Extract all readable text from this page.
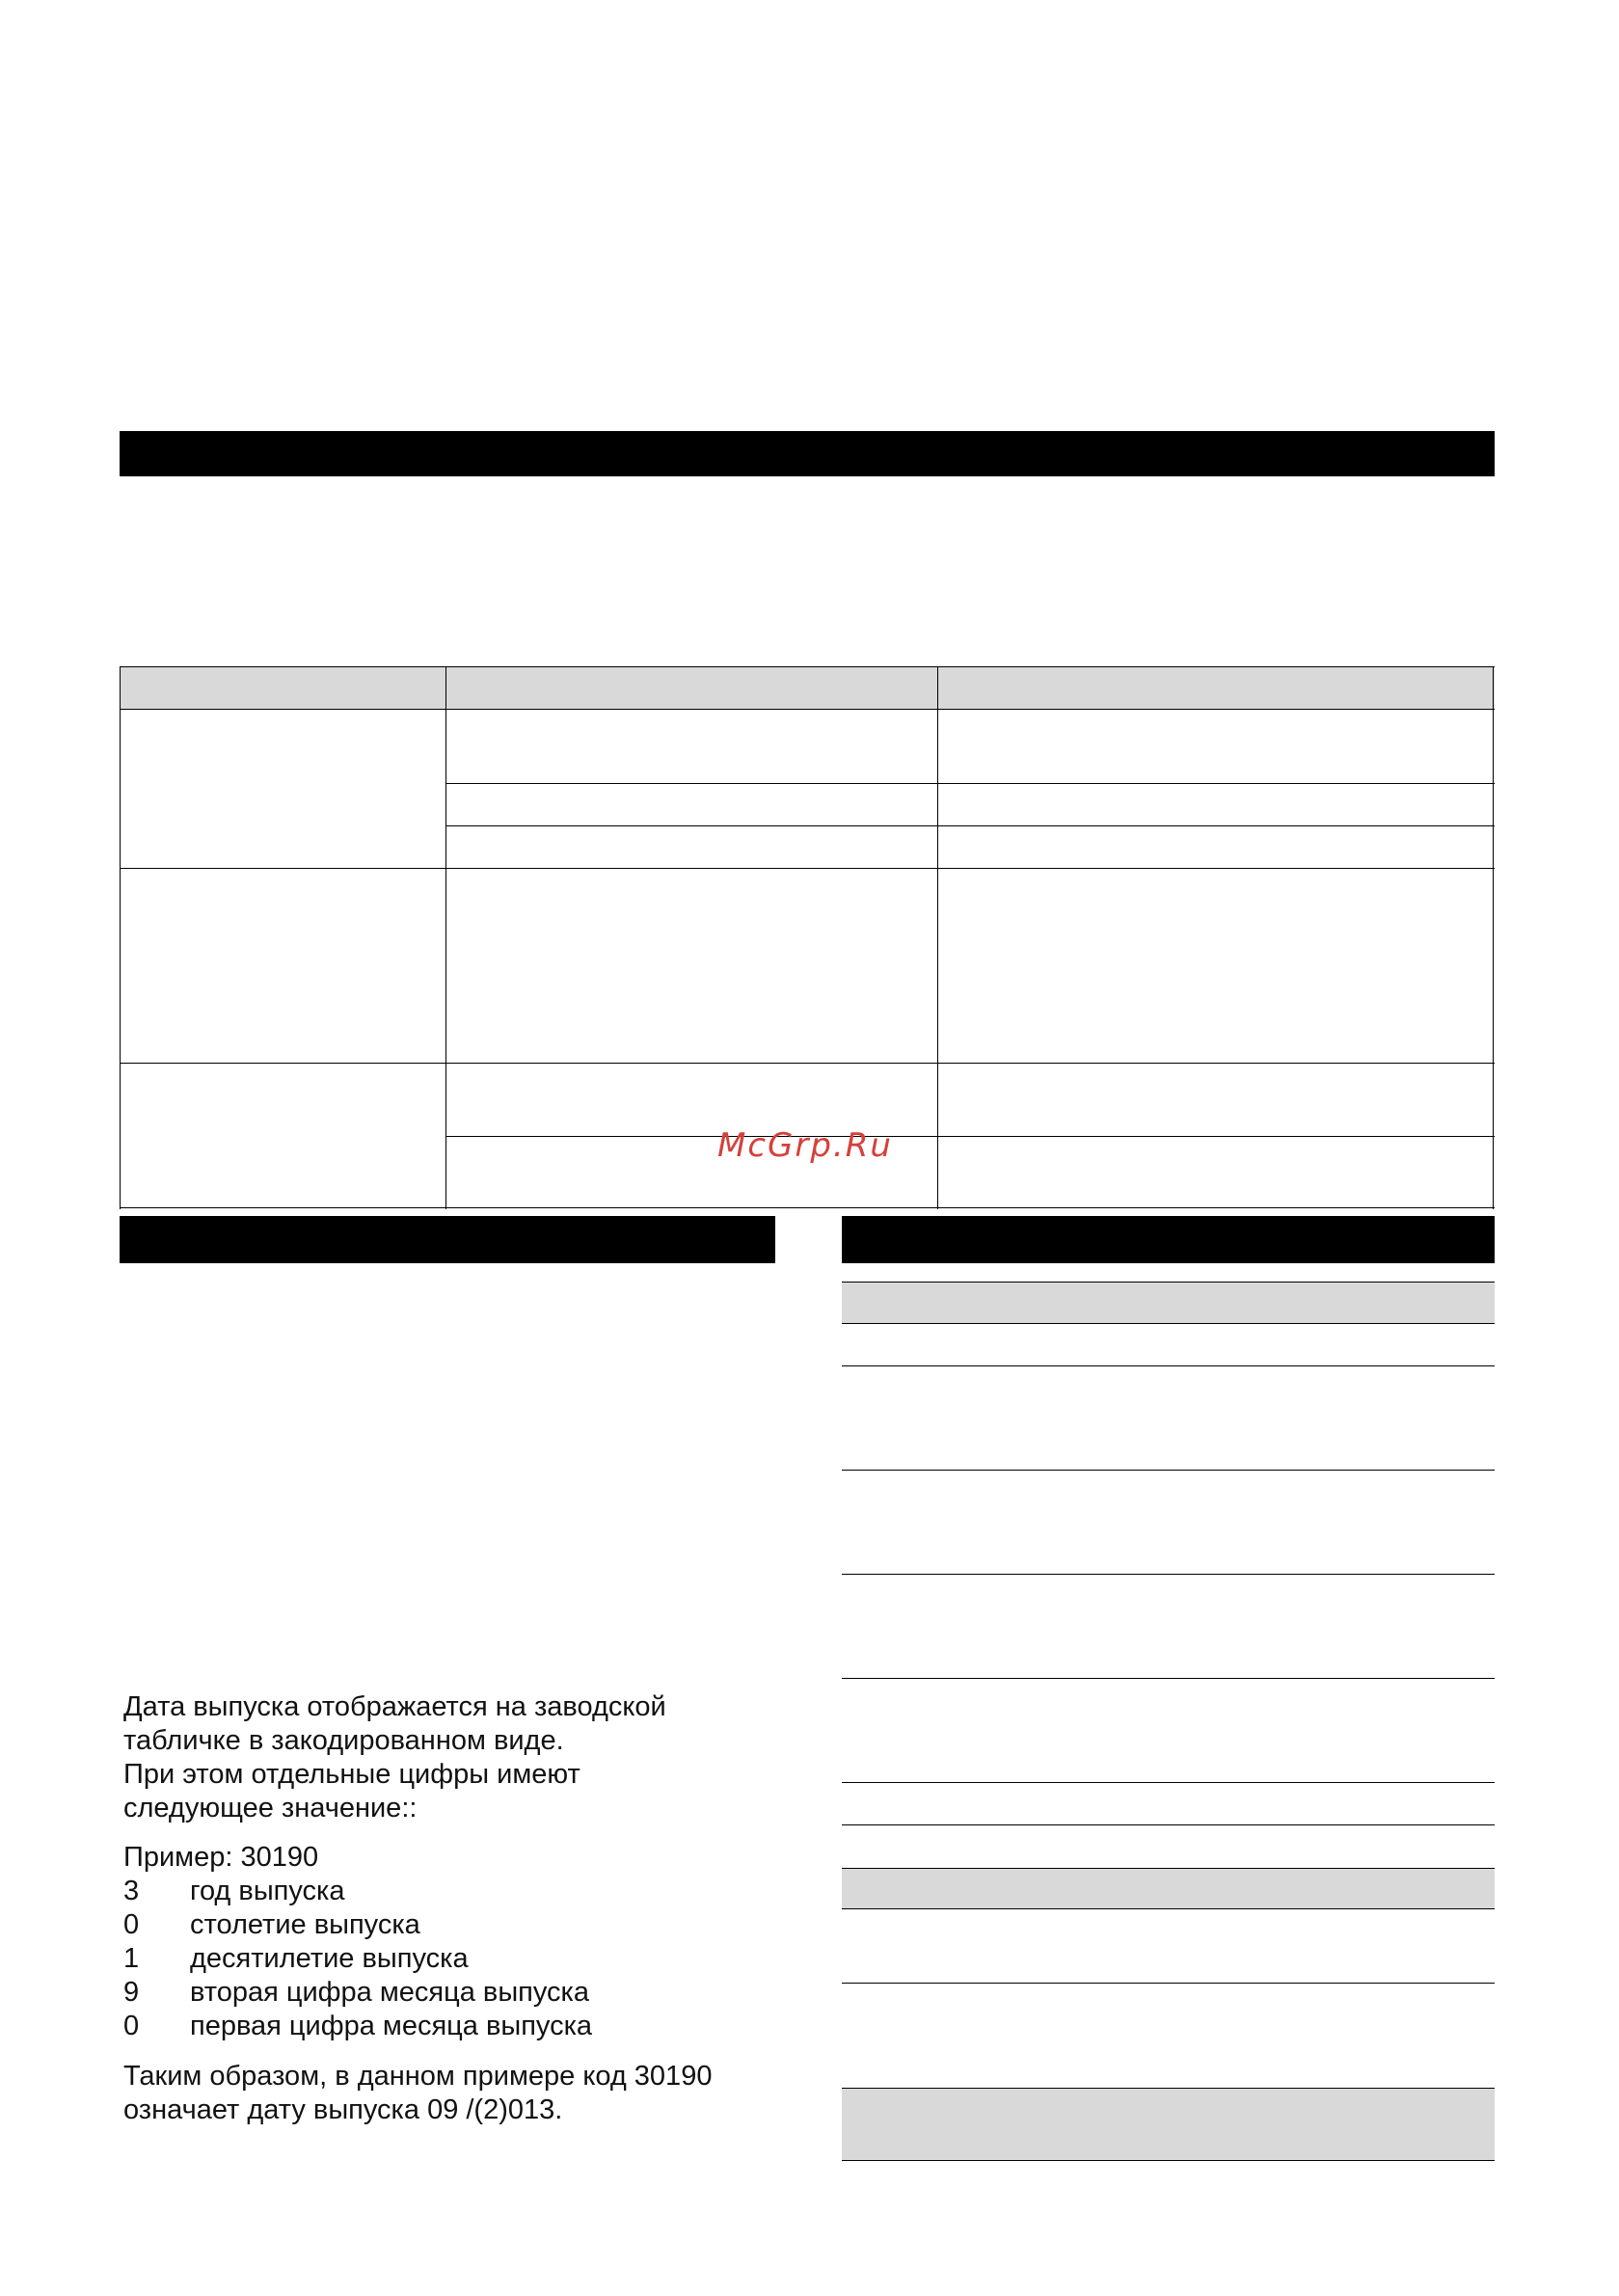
McGrp.Ru
Дата выпуска отображается на заводской
табличке в закодированном виде.
При этом отдельные цифры имеют
следующее значение::
Пример: 30190
3 год выпуска
0 столетие выпуска
1 десятилетие выпуска
9 вторая цифра месяца выпуска
0 первая цифра месяца выпуска
Таким образом, в данном примере код 30190
означает дату выпуска 09 /(2)013.
